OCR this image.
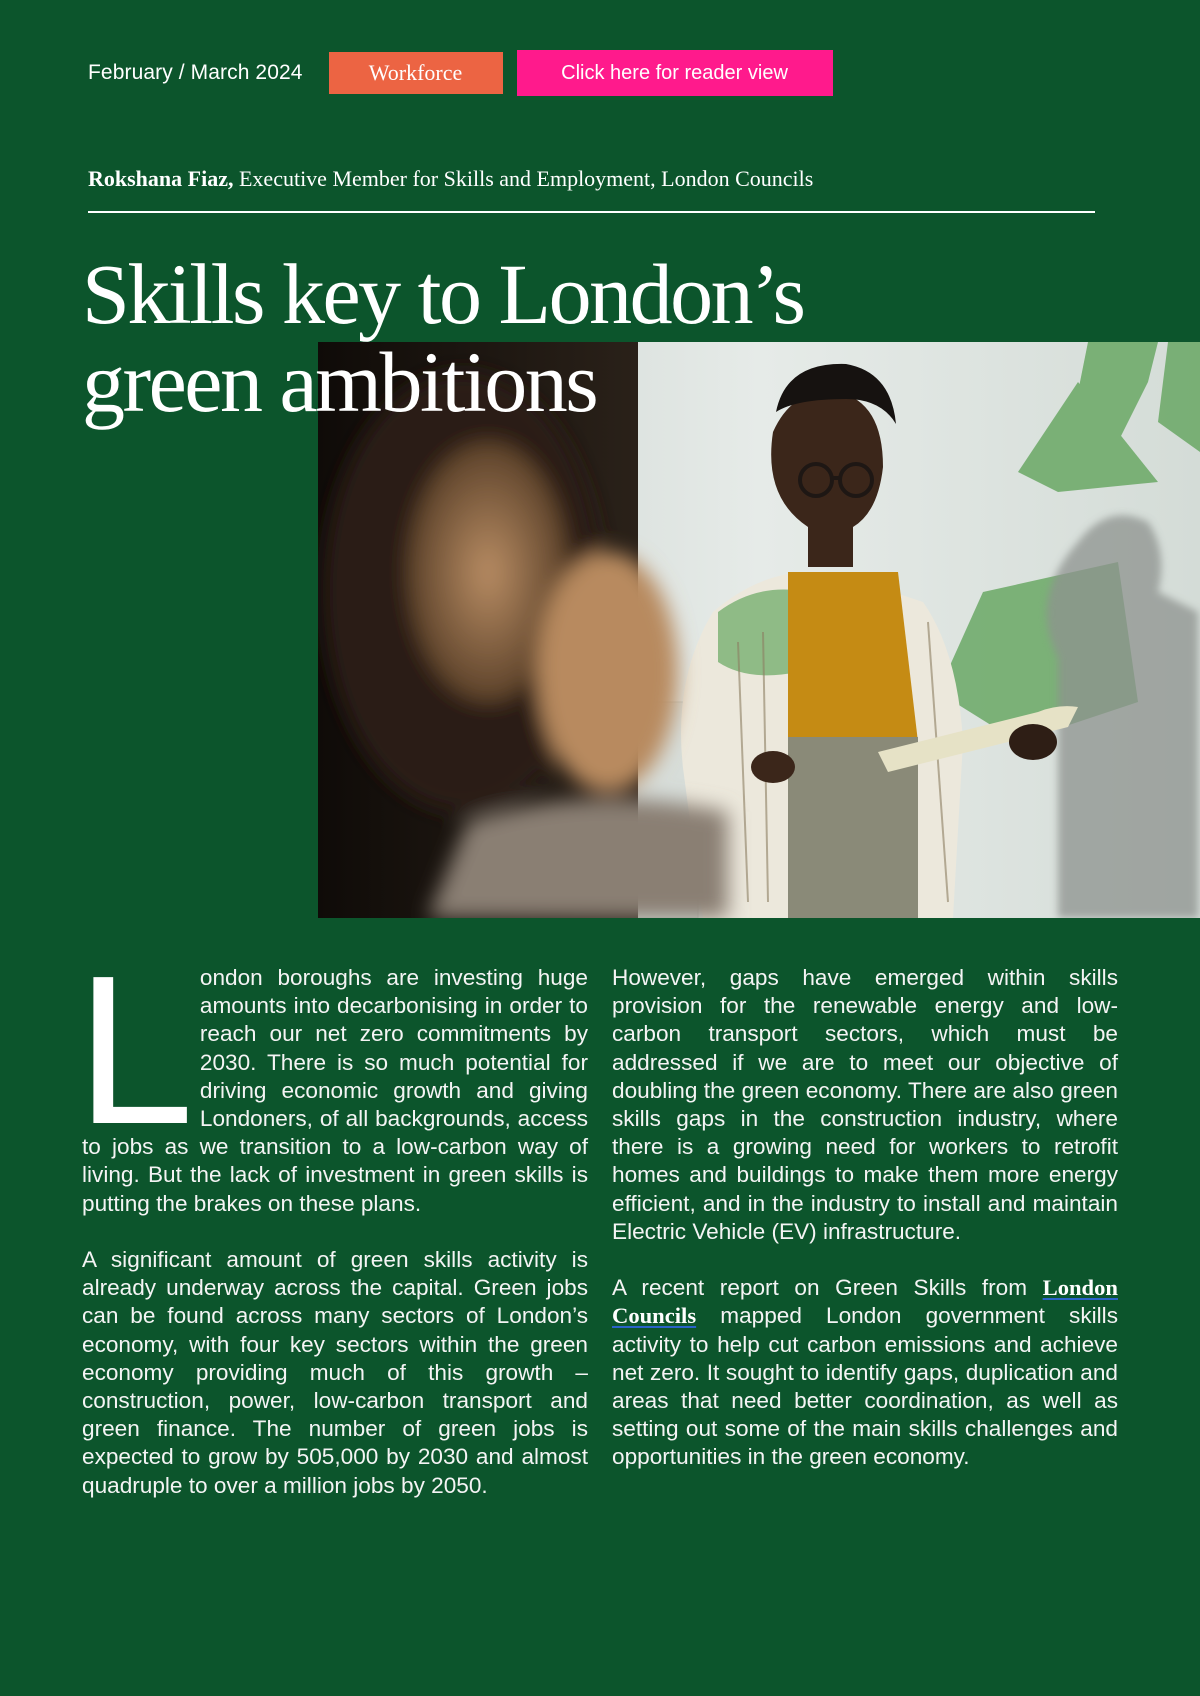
February / March 2024	Workforce	Click here for reader view
Rokshana Fiaz, Executive Member for Skills and Employment, London Councils
Skills key to London’s
green ambitions

London boroughs are investing huge amounts into decarbonising in order to reach our net zero commitments by 2030. There is so much potential for driving economic growth and giving Londoners, of all backgrounds, access to jobs as we transition to a low-carbon way of living. But the lack of investment in green skills is putting the brakes on these plans.

A significant amount of green skills activity is already underway across the capital. Green jobs can be found across many sectors of London’s economy, with four key sectors within the green economy providing much of this growth – construction, power, low-carbon transport and green finance. The number of green jobs is expected to grow by 505,000 by 2030 and almost quadruple to over a million jobs by 2050.

However, gaps have emerged within skills provision for the renewable energy and low-carbon transport sectors, which must be addressed if we are to meet our objective of doubling the green economy. There are also green skills gaps in the construction industry, where there is a growing need for workers to retrofit homes and buildings to make them more energy efficient, and in the industry to install and maintain Electric Vehicle (EV) infrastructure.

A recent report on Green Skills from London Councils mapped London government skills activity to help cut carbon emissions and achieve net zero. It sought to identify gaps, duplication and areas that need better coordination, as well as setting out some of the main skills challenges and opportunities in the green economy.
